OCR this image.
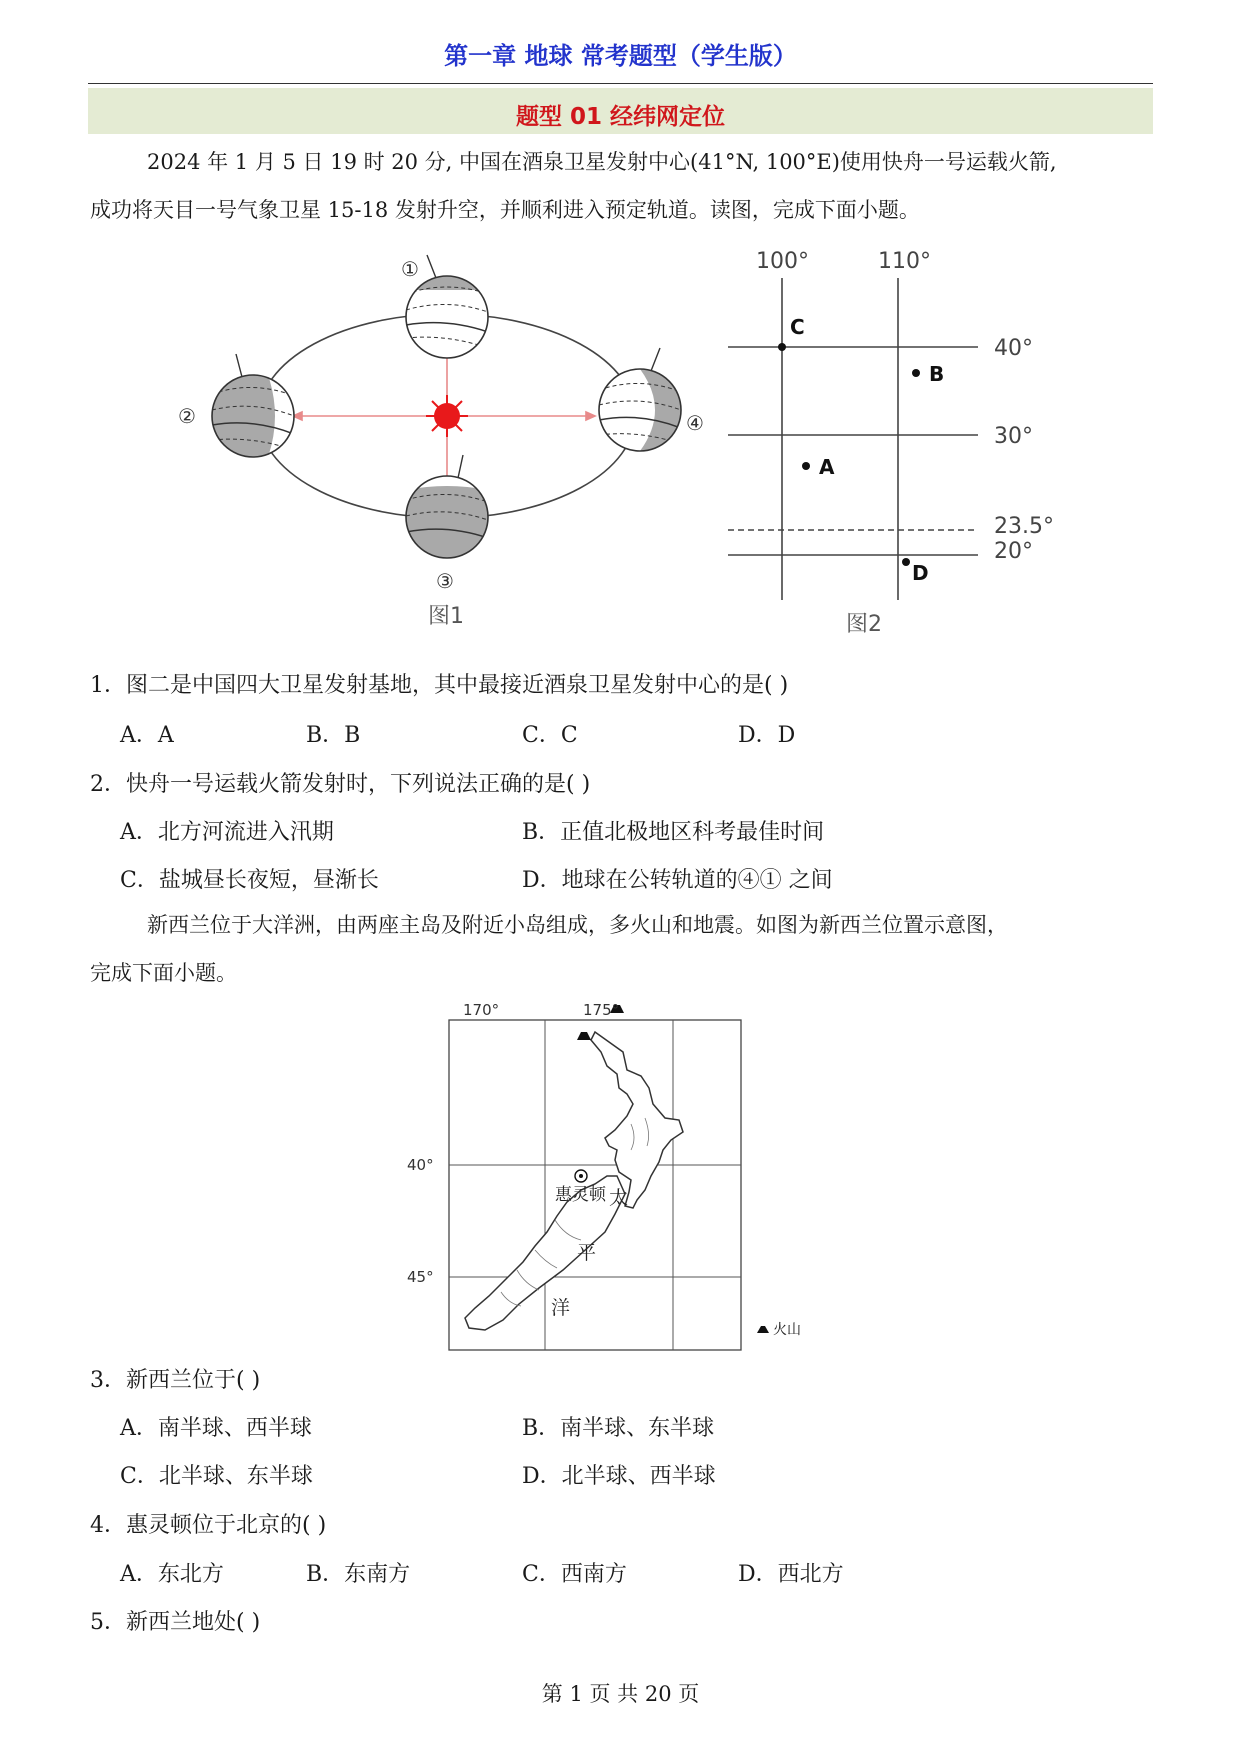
第一章 地球 常考题型（学生版）
题型 01 经纬网定位
2024 年 1 月 5 日 19 时 20 分, 中国在酒泉卫星发射中心(41°N, 100°E)使用快舟一号运载火箭,
成功将天目一号气象卫星 15-18 发射升空，并顺利进入预定轨道。读图，完成下面小题。
①
②
③
④
图1
100°	110°
40°
30°
23.5°
20°
C
B
A
D
图2
1．图二是中国四大卫星发射基地，其中最接近酒泉卫星发射中心的是( )
A．A	B．B	C．C	D．D
2．快舟一号运载火箭发射时，下列说法正确的是( )
A．北方河流进入汛期	B．正值北极地区科考最佳时间
C．盐城昼长夜短，昼渐长	D．地球在公转轨道的④① 之间
新西兰位于大洋洲，由两座主岛及附近小岛组成，多火山和地震。如图为新西兰位置示意图，
完成下面小题。
170°	175°
40°
45°
惠灵顿 太
平
洋
火山
3．新西兰位于( )
A．南半球、西半球	B．南半球、东半球
C．北半球、东半球	D．北半球、西半球
4．惠灵顿位于北京的( )
A．东北方	B．东南方	C．西南方	D．西北方
5．新西兰地处( )
第 1 页 共 20 页
